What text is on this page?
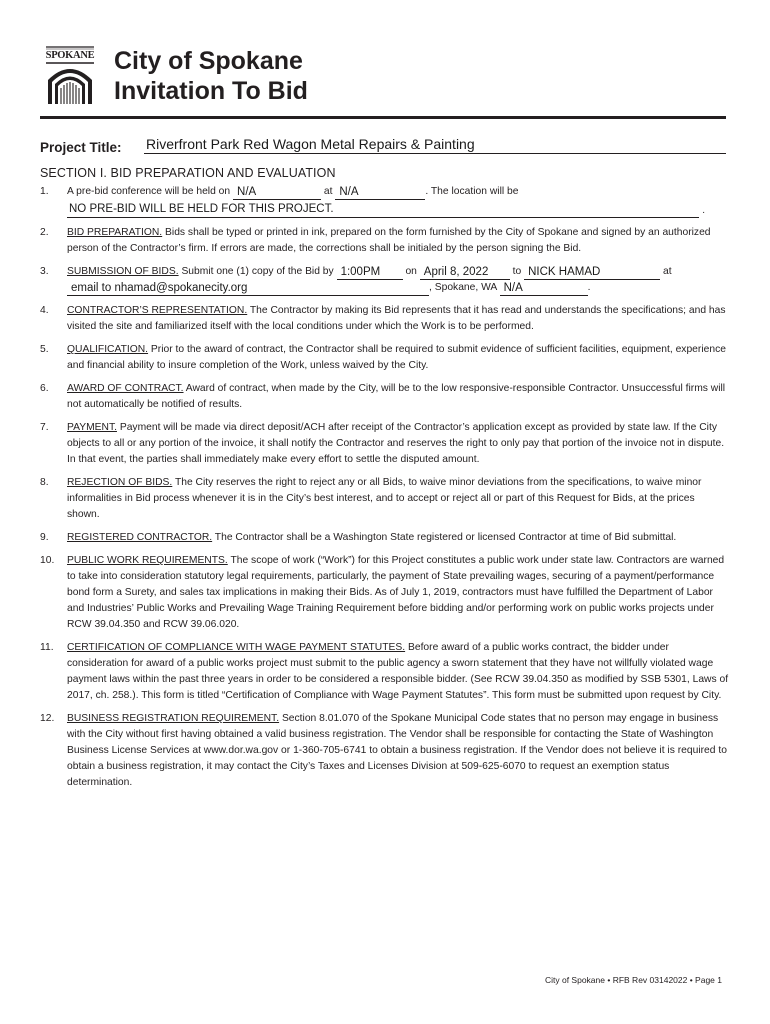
SPOKANE City of Spokane
Invitation To Bid
Project Title: Riverfront Park Red Wagon Metal Repairs & Painting
SECTION I. BID PREPARATION AND EVALUATION
1. A pre-bid conference will be held on N/A	at N/A	. The location will be
NO PRE-BID WILL BE HELD FOR THIS PROJECT.	.
2. BID PREPARATION. Bids shall be typed or printed in ink, prepared on the form furnished by the City of Spokane and signed by an authorized person of the Contractor’s firm. If errors are made, the corrections shall be initialed by the person signing the Bid.
3. SUBMISSION OF BIDS. Submit one (1) copy of the Bid by 1:00PM on April 8, 2022 to NICK HAMAD	at

email to nhamad@spokanecity.org	, Spokane, WA N/A	.
4. CONTRACTOR’S REPRESENTATION. The Contractor by making its Bid represents that it has read and understands the specifications; and has visited the site and familiarized itself with the local conditions under which the Work is to be performed.
5. QUALIFICATION. Prior to the award of contract, the Contractor shall be required to submit evidence of sufficient facilities, equipment, experience and financial ability to insure completion of the Work, unless waived by the City.
6. AWARD OF CONTRACT. Award of contract, when made by the City, will be to the low responsive-responsible Contractor. Unsuccessful firms will not automatically be notified of results.
7. PAYMENT. Payment will be made via direct deposit/ACH after receipt of the Contractor’s application except as provided by state law. If the City objects to all or any portion of the invoice, it shall notify the Contractor and reserves the right to only pay that portion of the invoice not in dispute. In that event, the parties shall immediately make every effort to settle the disputed amount.
8. REJECTION OF BIDS. The City reserves the right to reject any or all Bids, to waive minor deviations from the specifications, to waive minor informalities in Bid process whenever it is in the City’s best interest, and to accept or reject all or part of this Request for Bids, at the prices shown.
9. REGISTERED CONTRACTOR. The Contractor shall be a Washington State registered or licensed Contractor at time of Bid submittal.
10. PUBLIC WORK REQUIREMENTS. The scope of work (“Work”) for this Project constitutes a public work under state law. Contractors are warned to take into consideration statutory legal requirements, particularly, the payment of State prevailing wages, securing of a payment/performance bond form a Surety, and sales tax implications in making their Bids. As of July 1, 2019, contractors must have fulfilled the Department of Labor and Industries’ Public Works and Prevailing Wage Training Requirement before bidding and/or performing work on public works projects under RCW 39.04.350 and RCW 39.06.020.
11. CERTIFICATION OF COMPLIANCE WITH WAGE PAYMENT STATUTES. Before award of a public works contract, the bidder under consideration for award of a public works project must submit to the public agency a sworn statement that they have not willfully violated wage payment laws within the past three years in order to be considered a responsible bidder. (See RCW 39.04.350 as modified by SSB 5301, Laws of 2017, ch. 258.). This form is titled “Certification of Compliance with Wage Payment Statutes”. This form must be submitted upon request by City.
12. BUSINESS REGISTRATION REQUIREMENT. Section 8.01.070 of the Spokane Municipal Code states that no person may engage in business with the City without first having obtained a valid business registration. The Vendor shall be responsible for contacting the State of Washington Business License Services at www.dor.wa.gov or 1-360-705-6741 to obtain a business registration. If the Vendor does not believe it is required to obtain a business registration, it may contact the City’s Taxes and Licenses Division at 509-625-6070 to request an exemption status determination.
City of Spokane • RFB Rev 03142022 • Page 1
